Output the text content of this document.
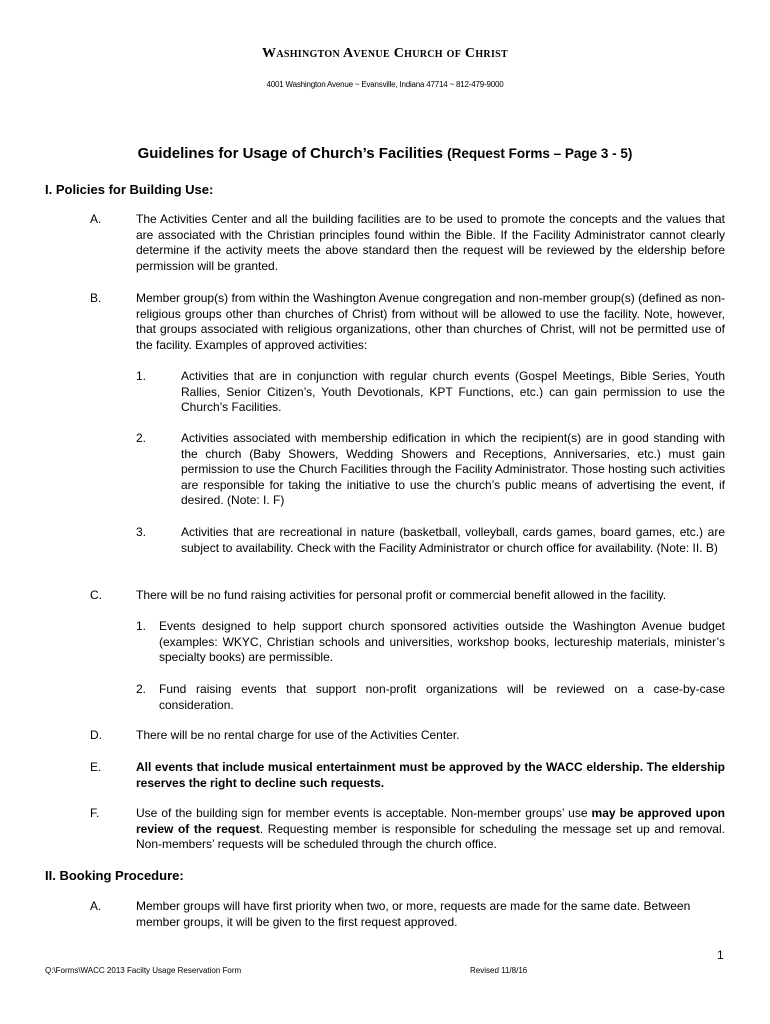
Washington Avenue Church of Christ
4001 Washington Avenue ~ Evansville, Indiana 47714 ~ 812-479-9000
Guidelines for Usage of Church’s Facilities (Request Forms – Page 3 - 5)
I. Policies for Building Use:
A.	The Activities Center and all the building facilities are to be used to promote the concepts and the values that are associated with the Christian principles found within the Bible. If the Facility Administrator cannot clearly determine if the activity meets the above standard then the request will be reviewed by the eldership before permission will be granted.
B.	Member group(s) from within the Washington Avenue congregation and non-member group(s) (defined as non-religious groups other than churches of Christ) from without will be allowed to use the facility. Note, however, that groups associated with religious organizations, other than churches of Christ, will not be permitted use of the facility. Examples of approved activities:
1.	Activities that are in conjunction with regular church events (Gospel Meetings, Bible Series, Youth Rallies, Senior Citizen’s, Youth Devotionals, KPT Functions, etc.) can gain permission to use the Church’s Facilities.
2.	Activities associated with membership edification in which the recipient(s) are in good standing with the church (Baby Showers, Wedding Showers and Receptions, Anniversaries, etc.) must gain permission to use the Church Facilities through the Facility Administrator. Those hosting such activities are responsible for taking the initiative to use the church’s public means of advertising the event, if desired. (Note: I. F)
3.	Activities that are recreational in nature (basketball, volleyball, cards games, board games, etc.) are subject to availability. Check with the Facility Administrator or church office for availability. (Note: II. B)
C.	There will be no fund raising activities for personal profit or commercial benefit allowed in the facility.
1. Events designed to help support church sponsored activities outside the Washington Avenue budget (examples: WKYC, Christian schools and universities, workshop books, lectureship materials, minister’s specialty books) are permissible.
2. Fund raising events that support non-profit organizations will be reviewed on a case-by-case consideration.
D.	There will be no rental charge for use of the Activities Center.
E.	All events that include musical entertainment must be approved by the WACC eldership. The eldership reserves the right to decline such requests.
F.	Use of the building sign for member events is acceptable. Non-member groups’ use may be approved upon review of the request. Requesting member is responsible for scheduling the message set up and removal. Non-members’ requests will be scheduled through the church office.
II. Booking Procedure:
A.	Member groups will have first priority when two, or more, requests are made for the same date. Between member groups, it will be given to the first request approved.
1
Q:\Forms\WACC 2013 Facilty Usage Reservation Form	Revised 11/8/16
